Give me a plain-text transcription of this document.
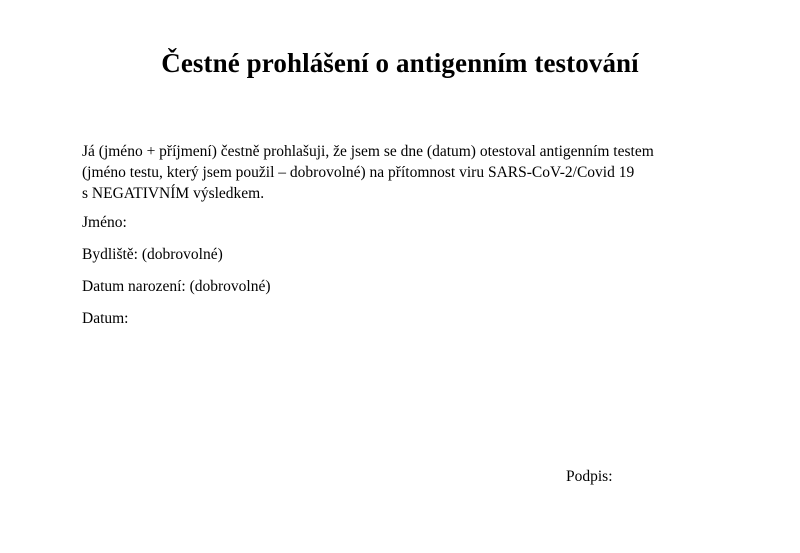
Čestné prohlášení o antigenním testování

Já (jméno + příjmení) čestně prohlašuji, že jsem se dne (datum) otestoval antigenním testem
(jméno testu, který jsem použil – dobrovolné) na přítomnost viru SARS-CoV-2/Covid 19
s NEGATIVNÍM výsledkem.

Jméno:

Bydliště: (dobrovolné)

Datum narození: (dobrovolné)

Datum:

Podpis:
